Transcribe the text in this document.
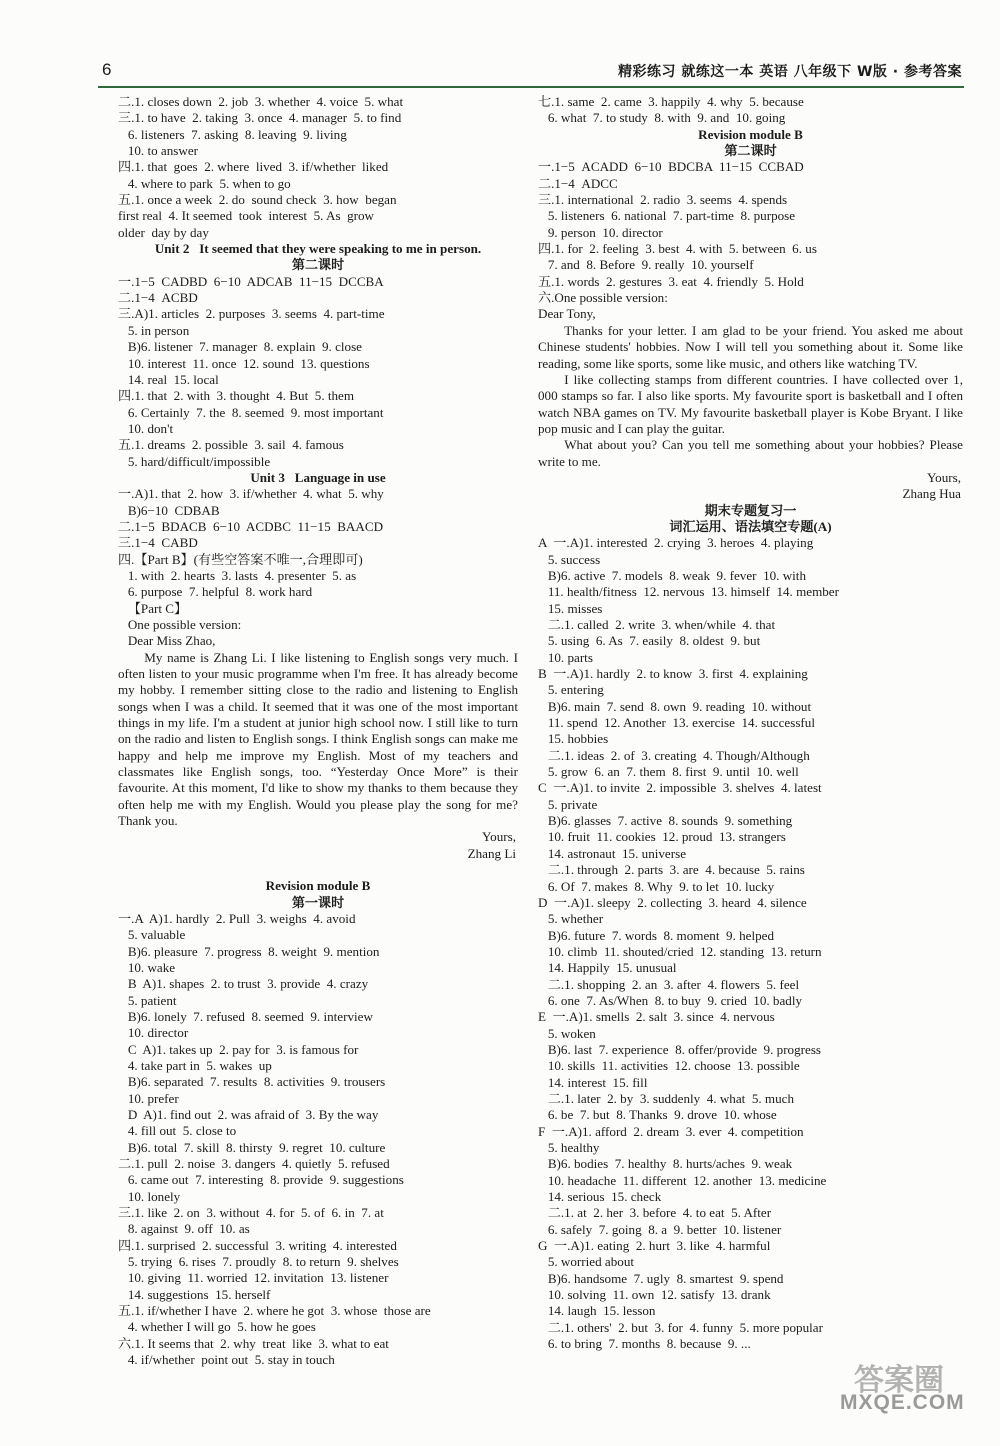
6	精彩练习 就练这一本 英语 八年级下 W版 · 参考答案
二.1. closes down  2. job  3. whether  4. voice  5. what
三.1. to have  2. taking  3. once  4. manager  5. to find
6. listeners  7. asking  8. leaving  9. living
10. to answer
四.1. that  goes  2. where  lived  3. if/whether  liked
4. where to park  5. when to go
五.1. once a week  2. do  sound check  3. how  began
first real  4. It seemed  took  interest  5. As  grow
older  day by day
Unit 2   It seemed that they were speaking to me in person.
第二课时
一.1−5  CADBD  6−10  ADCAB  11−15  DCCBA
二.1−4  ACBD
三.A)1. articles  2. purposes  3. seems  4. part-time
5. in person
B)6. listener  7. manager  8. explain  9. close
10. interest  11. once  12. sound  13. questions
14. real  15. local
四.1. that  2. with  3. thought  4. But  5. them
6. Certainly  7. the  8. seemed  9. most important
10. don't
五.1. dreams  2. possible  3. sail  4. famous
5. hard/difficult/impossible
Unit 3   Language in use
一.A)1. that  2. how  3. if/whether  4. what  5. why
B)6−10  CDBAB
二.1−5  BDACB  6−10  ACDBC  11−15  BAACD
三.1−4  CABD
四.【Part B】(有些空答案不唯一,合理即可)
1. with  2. hearts  3. lasts  4. presenter  5. as
6. purpose  7. helpful  8. work hard
【Part C】
One possible version:
Dear Miss Zhao,
My name is Zhang Li. I like listening to English songs very much. I often listen to your music programme when I'm free. It has already become my hobby. I remember sitting close to the radio and listening to English songs when I was a child. It seemed that it was one of the most important things in my life. I'm a student at junior high school now. I still like to turn on the radio and listen to English songs. I think English songs can make me happy and help me improve my English. Most of my teachers and classmates like English songs, too. “Yesterday Once More” is their favourite. At this moment, I'd like to show my thanks to them because they often help me with my English. Would you please play the song for me? Thank you.
Yours,
Zhang Li
Revision module B
第一课时
一.A  A)1. hardly  2. Pull  3. weighs  4. avoid
5. valuable
B)6. pleasure  7. progress  8. weight  9. mention
10. wake
B  A)1. shapes  2. to trust  3. provide  4. crazy
5. patient
B)6. lonely  7. refused  8. seemed  9. interview
10. director
C  A)1. takes up  2. pay for  3. is famous for
4. take part in  5. wakes  up
B)6. separated  7. results  8. activities  9. trousers
10. prefer
D  A)1. find out  2. was afraid of  3. By the way
4. fill out  5. close to
B)6. total  7. skill  8. thirsty  9. regret  10. culture
二.1. pull  2. noise  3. dangers  4. quietly  5. refused
6. came out  7. interesting  8. provide  9. suggestions
10. lonely
三.1. like  2. on  3. without  4. for  5. of  6. in  7. at
8. against  9. off  10. as
四.1. surprised  2. successful  3. writing  4. interested
5. trying  6. rises  7. proudly  8. to return  9. shelves
10. giving  11. worried  12. invitation  13. listener
14. suggestions  15. herself
五.1. if/whether I have  2. where he got  3. whose  those are
4. whether I will go  5. how he goes
六.1. It seems that  2. why  treat  like  3. what to eat
4. if/whether  point out  5. stay in touch
七.1. same  2. came  3. happily  4. why  5. because
6. what  7. to study  8. with  9. and  10. going
Revision module B
第二课时
一.1−5  ACADD  6−10  BDCBA  11−15  CCBAD
二.1−4  ADCC
三.1. international  2. radio  3. seems  4. spends
5. listeners  6. national  7. part-time  8. purpose
9. person  10. director
四.1. for  2. feeling  3. best  4. with  5. between  6. us
7. and  8. Before  9. really  10. yourself
五.1. words  2. gestures  3. eat  4. friendly  5. Hold
六.One possible version:
Dear Tony,
Thanks for your letter. I am glad to be your friend. You asked me about Chinese students' hobbies. Now I will tell you something about it. Some like reading, some like sports, some like music, and others like watching TV.
I like collecting stamps from different countries. I have collected over 1, 000 stamps so far. I also like sports. My favourite sport is basketball and I often watch NBA games on TV. My favourite basketball player is Kobe Bryant. I like pop music and I can play the guitar.
What about you? Can you tell me something about your hobbies? Please write to me.
Yours,
Zhang Hua
期末专题复习一
词汇运用、语法填空专题(A)
A  一.A)1. interested  2. crying  3. heroes  4. playing
5. success
B)6. active  7. models  8. weak  9. fever  10. with
11. health/fitness  12. nervous  13. himself  14. member
15. misses
二.1. called  2. write  3. when/while  4. that
5. using  6. As  7. easily  8. oldest  9. but
10. parts
B  一.A)1. hardly  2. to know  3. first  4. explaining
5. entering
B)6. main  7. send  8. own  9. reading  10. without
11. spend  12. Another  13. exercise  14. successful
15. hobbies
二.1. ideas  2. of  3. creating  4. Though/Although
5. grow  6. an  7. them  8. first  9. until  10. well
C  一.A)1. to invite  2. impossible  3. shelves  4. latest
5. private
B)6. glasses  7. active  8. sounds  9. something
10. fruit  11. cookies  12. proud  13. strangers
14. astronaut  15. universe
二.1. through  2. parts  3. are  4. because  5. rains
6. Of  7. makes  8. Why  9. to let  10. lucky
D  一.A)1. sleepy  2. collecting  3. heard  4. silence
5. whether
B)6. future  7. words  8. moment  9. helped
10. climb  11. shouted/cried  12. standing  13. return
14. Happily  15. unusual
二.1. shopping  2. an  3. after  4. flowers  5. feel
6. one  7. As/When  8. to buy  9. cried  10. badly
E  一.A)1. smells  2. salt  3. since  4. nervous
5. woken
B)6. last  7. experience  8. offer/provide  9. progress
10. skills  11. activities  12. choose  13. possible
14. interest  15. fill
二.1. later  2. by  3. suddenly  4. what  5. much
6. be  7. but  8. Thanks  9. drove  10. whose
F  一.A)1. afford  2. dream  3. ever  4. competition
5. healthy
B)6. bodies  7. healthy  8. hurts/aches  9. weak
10. headache  11. different  12. another  13. medicine
14. serious  15. check
二.1. at  2. her  3. before  4. to eat  5. After
6. safely  7. going  8. a  9. better  10. listener
G  一.A)1. eating  2. hurt  3. like  4. harmful
5. worried about
B)6. handsome  7. ugly  8. smartest  9. spend
10. solving  11. own  12. satisfy  13. drank
14. laugh  15. lesson
二.1. others'  2. but  3. for  4. funny  5. more popular
6. to bring  7. months  8. because  9. ...
答案圈
MXQE.COM
